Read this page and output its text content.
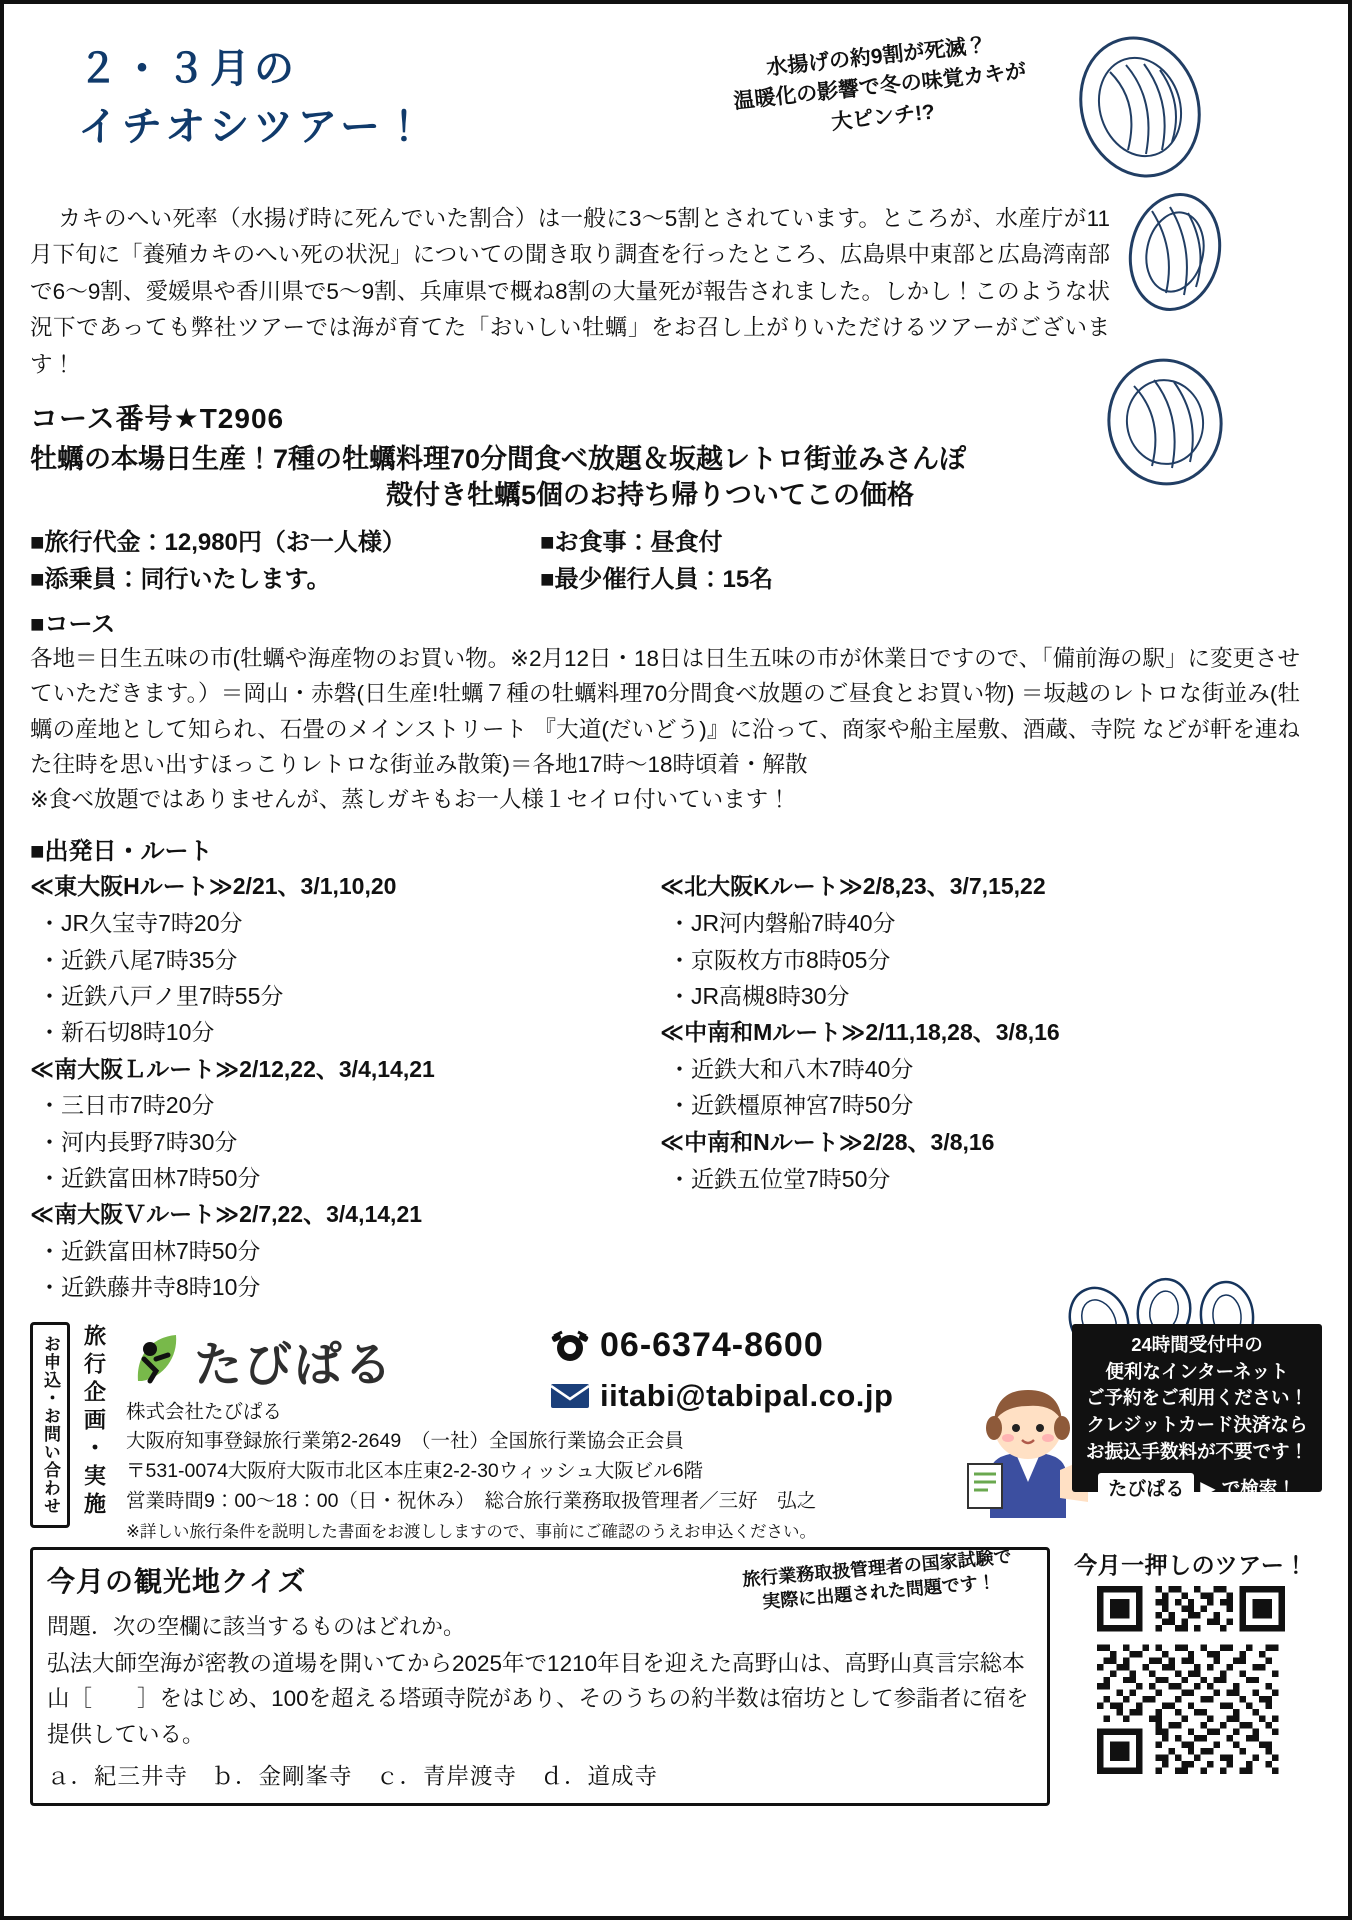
２・３月の
イチオシツアー！
水揚げの約9割が死滅？
温暖化の影響で冬の味覚カキが
大ピンチ!?

カキのへい死率（水揚げ時に死んでいた割合）は一般に3〜5割とされています。ところが、水産庁が11月下旬に「養殖カキのへい死の状況」についての聞き取り調査を行ったところ、広島県中東部と広島湾南部で6〜9割、愛媛県や香川県で5〜9割、兵庫県で概ね8割の大量死が報告されました。しかし！このような状況下であっても弊社ツアーでは海が育てた「おいしい牡蠣」をお召し上がりいただけるツアーがございます！

コース番号★T2906
牡蠣の本場日生産！7種の牡蠣料理70分間食べ放題＆坂越レトロ街並みさんぽ
殻付き牡蠣5個のお持ち帰りついてこの価格
■旅行代金：12,980円（お一人様）	■お食事：昼食付
■添乗員：同行いたします。	■最少催行人員：15名
■コース
各地＝日生五味の市(牡蠣や海産物のお買い物。※2月12日・18日は日生五味の市が休業日ですので、「備前海の駅」に変更させていただきます。）＝岡山・赤磐(日生産!牡蠣７種の牡蠣料理70分間食べ放題のご昼食とお買い物) ＝坂越のレトロな街並み(牡蠣の産地として知られ、石畳のメインストリート 『大道(だいどう)』に沿って、商家や船主屋敷、酒蔵、寺院 などが軒を連ねた往時を思い出すほっこりレトロな街並み散策)＝各地17時〜18時頃着・解散
※食べ放題ではありませんが、蒸しガキもお一人様１セイロ付いています！
■出発日・ルート
≪東大阪Hルート≫2/21、3/1,10,20
・JR久宝寺7時20分
・近鉄八尾7時35分
・近鉄八戸ノ里7時55分
・新石切8時10分
≪南大阪Ｌルート≫2/12,22、3/4,14,21
・三日市7時20分
・河内長野7時30分
・近鉄富田林7時50分
≪南大阪Ｖルート≫2/7,22、3/4,14,21
・近鉄富田林7時50分
・近鉄藤井寺8時10分
≪北大阪Kルート≫2/8,23、3/7,15,22
・JR河内磐船7時40分
・京阪枚方市8時05分
・JR高槻8時30分
≪中南和Mルート≫2/11,18,28、3/8,16
・近鉄大和八木7時40分
・近鉄橿原神宮7時50分
≪中南和Nルート≫2/28、3/8,16
・近鉄五位堂7時50分
お申込・お問い合わせ 旅行企画・実施 たびぱる	06-6374-8600
iitabi@tabipal.co.jp
株式会社たびぱる
大阪府知事登録旅行業第2-2649　（一社）全国旅行業協会正会員
〒531-0074大阪府大阪市北区本庄東2-2-30ウィッシュ大阪ビル6階
営業時間9：00〜18：00（日・祝休み）　総合旅行業務取扱管理者／三好　弘之
※詳しい旅行条件を説明した書面をお渡ししますので、事前にご確認のうえお申込ください。
24時間受付中の
便利なインターネット
ご予約をご利用ください！
クレジットカード決済なら
お振込手数料が不要です！
たびぱる ▶ で検索！
今月の観光地クイズ	旅行業務取扱管理者の国家試験で
実際に出題された問題です！
問題．次の空欄に該当するものはどれか。
弘法大師空海が密教の道場を開いてから2025年で1210年目を迎えた高野山は、高野山真言宗総本山［　　］をはじめ、100を超える塔頭寺院があり、そのうちの約半数は宿坊として参詣者に宿を提供している。
ａ．紀三井寺　ｂ．金剛峯寺　ｃ．青岸渡寺　ｄ．道成寺
今月一押しのツアー！
